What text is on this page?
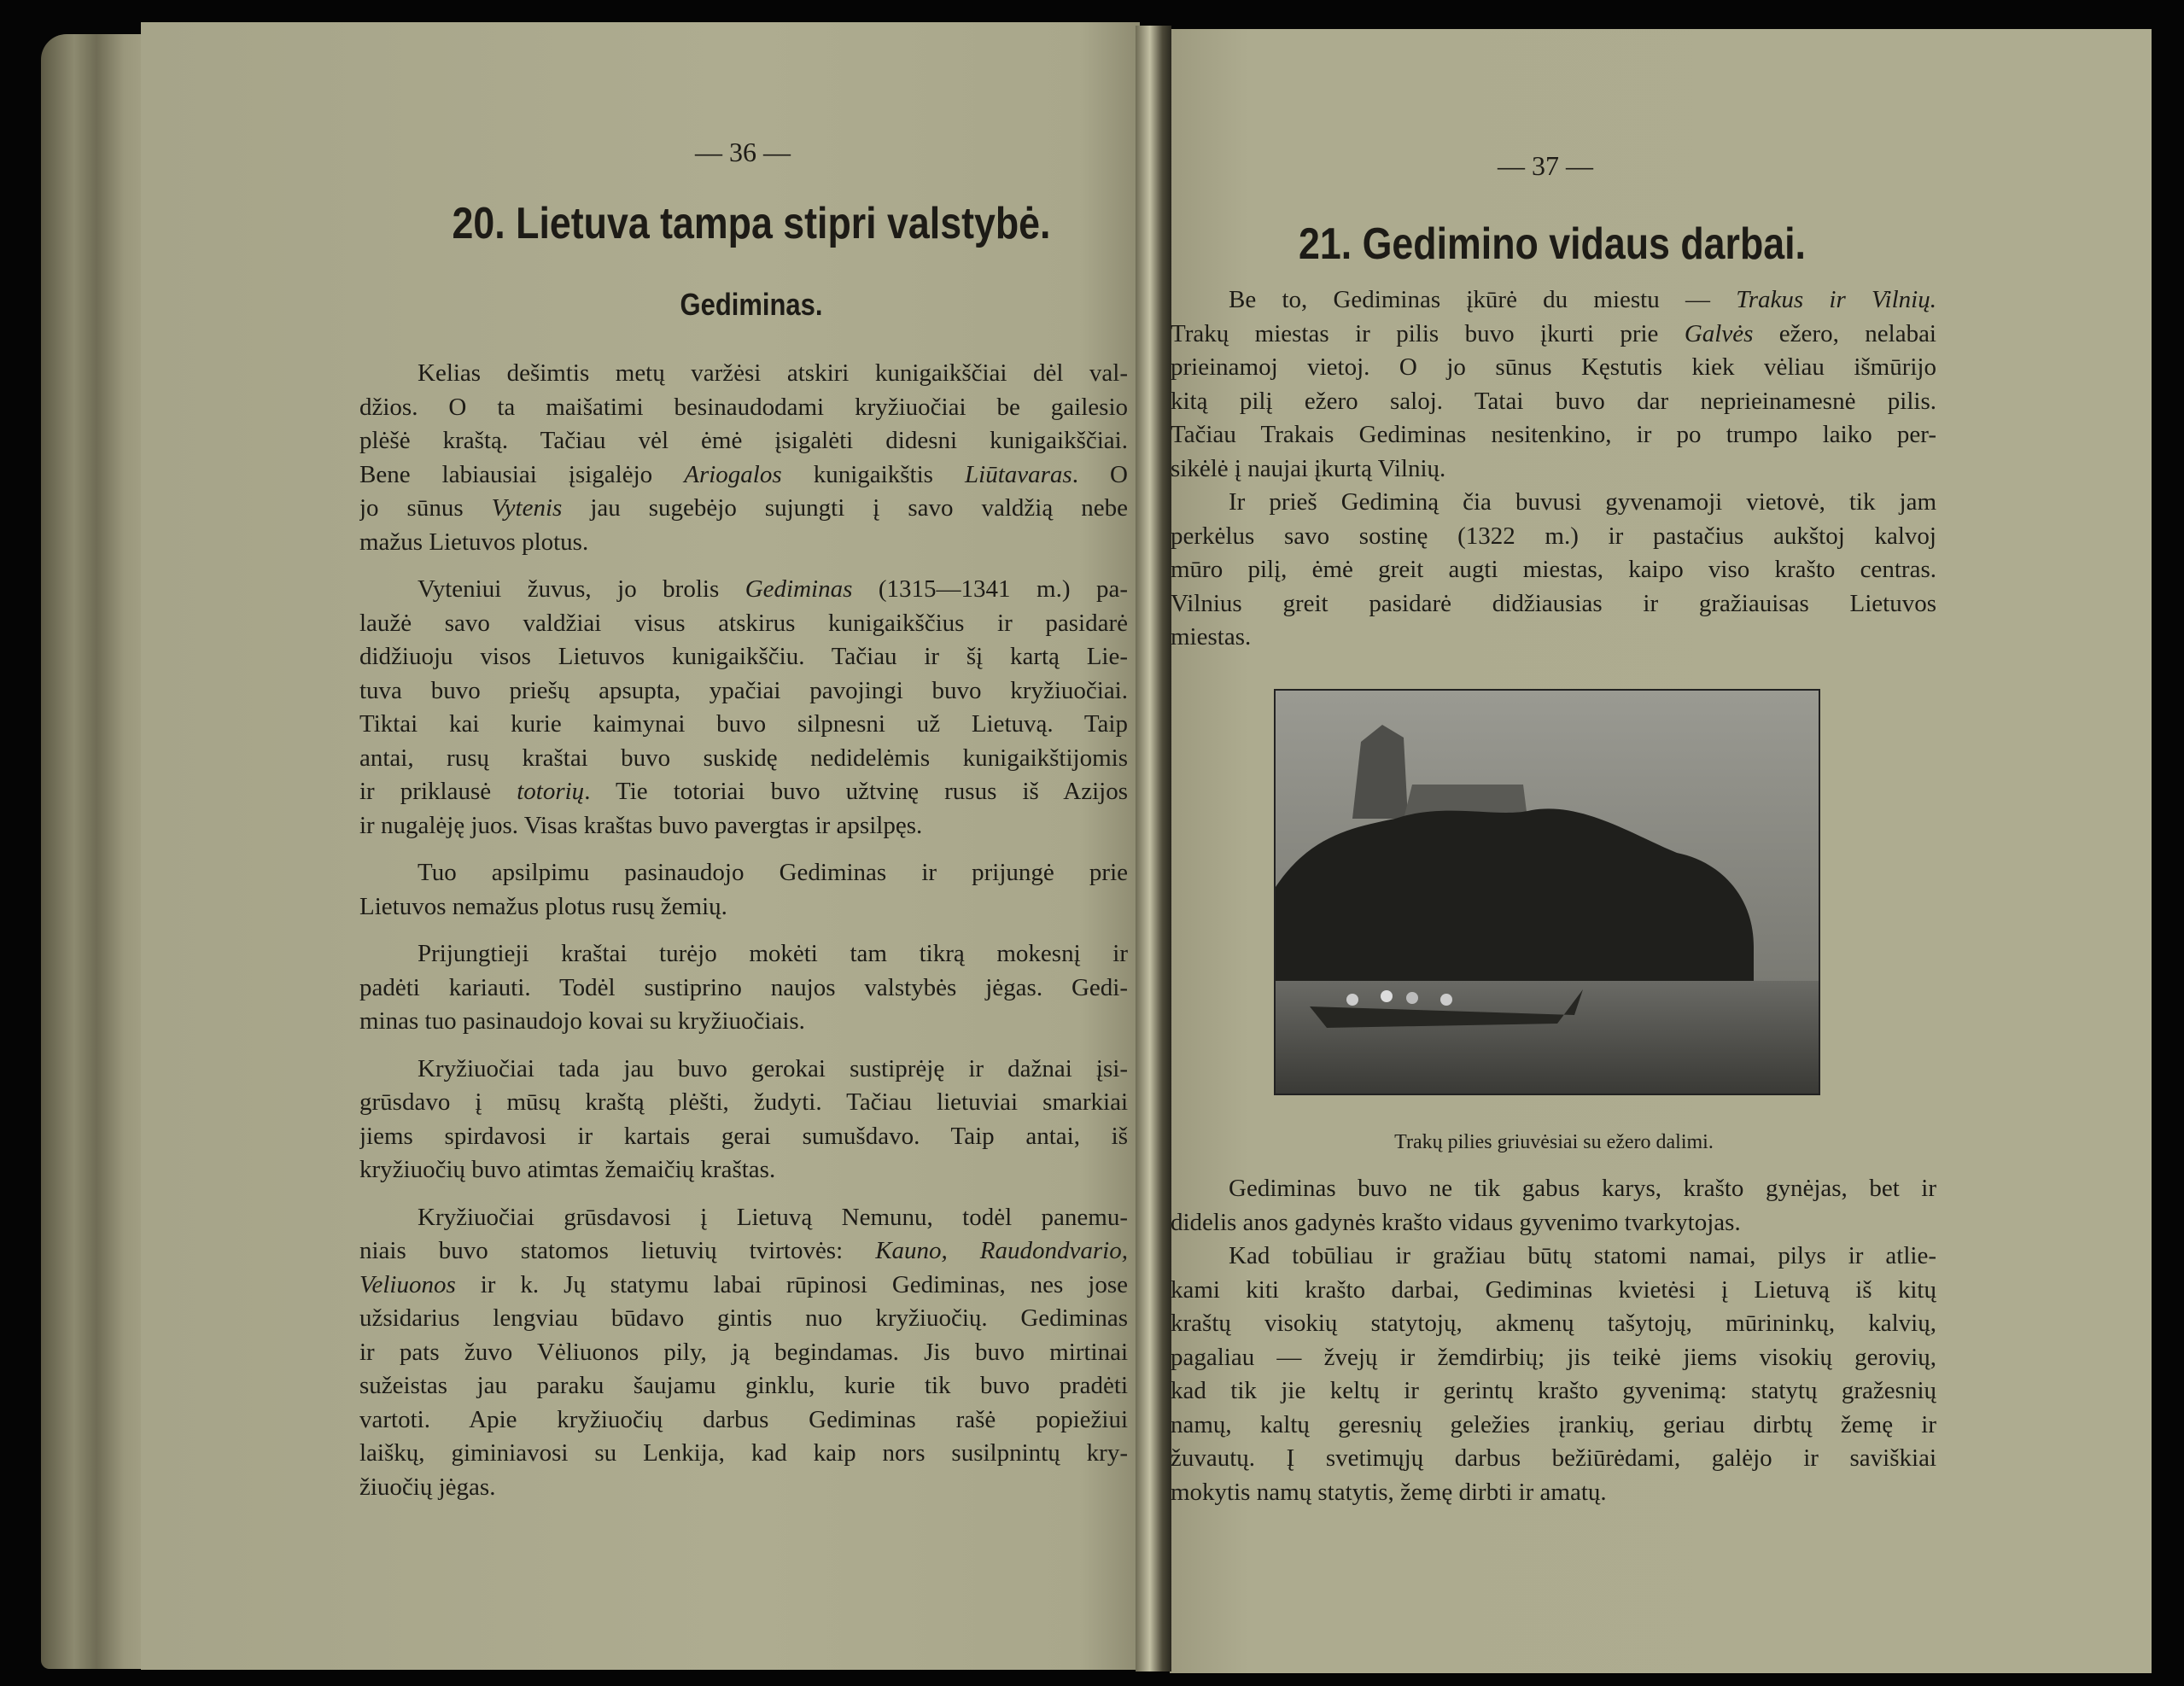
— 36 —
20. Lietuva tampa stipri valstybė.
Gediminas.
Kelias dešimtis metų varžėsi atskiri kunigaikščiai dėl val-
džios. O ta maišatimi besinaudodami kryžiuočiai be gailesio
plėšė kraštą. Tačiau vėl ėmė įsigalėti didesni kunigaikščiai.
Bene labiausiai įsigalėjo Ariogalos kunigaikštis Liūtavaras. O
jo sūnus Vytenis jau sugebėjo sujungti į savo valdžią nebe
mažus Lietuvos plotus.
Vyteniui žuvus, jo brolis Gediminas (1315—1341 m.) pa-
laužė savo valdžiai visus atskirus kunigaikščius ir pasidarė
didžiuoju visos Lietuvos kunigaikščiu. Tačiau ir šį kartą Lie-
tuva buvo priešų apsupta, ypačiai pavojingi buvo kryžiuočiai.
Tiktai kai kurie kaimynai buvo silpnesni už Lietuvą. Taip
antai, rusų kraštai buvo suskidę nedidelėmis kunigaikštijomis
ir priklausė totorių. Tie totoriai buvo užtvinę rusus iš Azijos
ir nugalėję juos. Visas kraštas buvo pavergtas ir apsilpęs.
Tuo apsilpimu pasinaudojo Gediminas ir prijungė prie
Lietuvos nemažus plotus rusų žemių.
Prijungtieji kraštai turėjo mokėti tam tikrą mokesnį ir
padėti kariauti. Todėl sustiprino naujos valstybės jėgas. Gedi-
minas tuo pasinaudojo kovai su kryžiuočiais.
Kryžiuočiai tada jau buvo gerokai sustiprėję ir dažnai įsi-
grūsdavo į mūsų kraštą plėšti, žudyti. Tačiau lietuviai smarkiai
jiems spirdavosi ir kartais gerai sumušdavo. Taip antai, iš
kryžiuočių buvo atimtas žemaičių kraštas.
Kryžiuočiai grūsdavosi į Lietuvą Nemunu, todėl panemu-
niais buvo statomos lietuvių tvirtovės: Kauno, Raudondvario,
Veliuonos ir k. Jų statymu labai rūpinosi Gediminas, nes jose
užsidarius lengviau būdavo gintis nuo kryžiuočių. Gediminas
ir pats žuvo Vėliuonos pily, ją begindamas. Jis buvo mirtinai
sužeistas jau paraku šaujamu ginklu, kurie tik buvo pradėti
vartoti. Apie kryžiuočių darbus Gediminas rašė popiežiui
laiškų, giminiavosi su Lenkija, kad kaip nors susilpnintų kry-
žiuočių jėgas.
— 37 —
21. Gedimino vidaus darbai.
Be to, Gediminas įkūrė du miestu — Trakus ir Vilnių.
Trakų miestas ir pilis buvo įkurti prie Galvės ežero, nelabai
prieinamoj vietoj. O jo sūnus Kęstutis kiek vėliau išmūrijo
kitą pilį ežero saloj. Tatai buvo dar neprieinamesnė pilis.
Tačiau Trakais Gediminas nesitenkino, ir po trumpo laiko per-
sikėlė į naujai įkurtą Vilnių.
Ir prieš Gediminą čia buvusi gyvenamoji vietovė, tik jam
perkėlus savo sostinę (1322 m.) ir pastačius aukštoj kalvoj
mūro pilį, ėmė greit augti miestas, kaipo viso krašto centras.
Vilnius greit pasidarė didžiausias ir gražiauisas Lietuvos
miestas.
Trakų pilies griuvėsiai su ežero dalimi.
Gediminas buvo ne tik gabus karys, krašto gynėjas, bet ir
didelis anos gadynės krašto vidaus gyvenimo tvarkytojas.
Kad tobūliau ir gražiau būtų statomi namai, pilys ir atlie-
kami kiti krašto darbai, Gediminas kvietėsi į Lietuvą iš kitų
kraštų visokių statytojų, akmenų tašytojų, mūrininkų, kalvių,
pagaliau — žvejų ir žemdirbių; jis teikė jiems visokių gerovių,
kad tik jie keltų ir gerintų krašto gyvenimą: statytų gražesnių
namų, kaltų geresnių geležies įrankių, geriau dirbtų žemę ir
žuvautų. Į svetimųjų darbus bežiūrėdami, galėjo ir saviškiai
mokytis namų statytis, žemę dirbti ir amatų.
